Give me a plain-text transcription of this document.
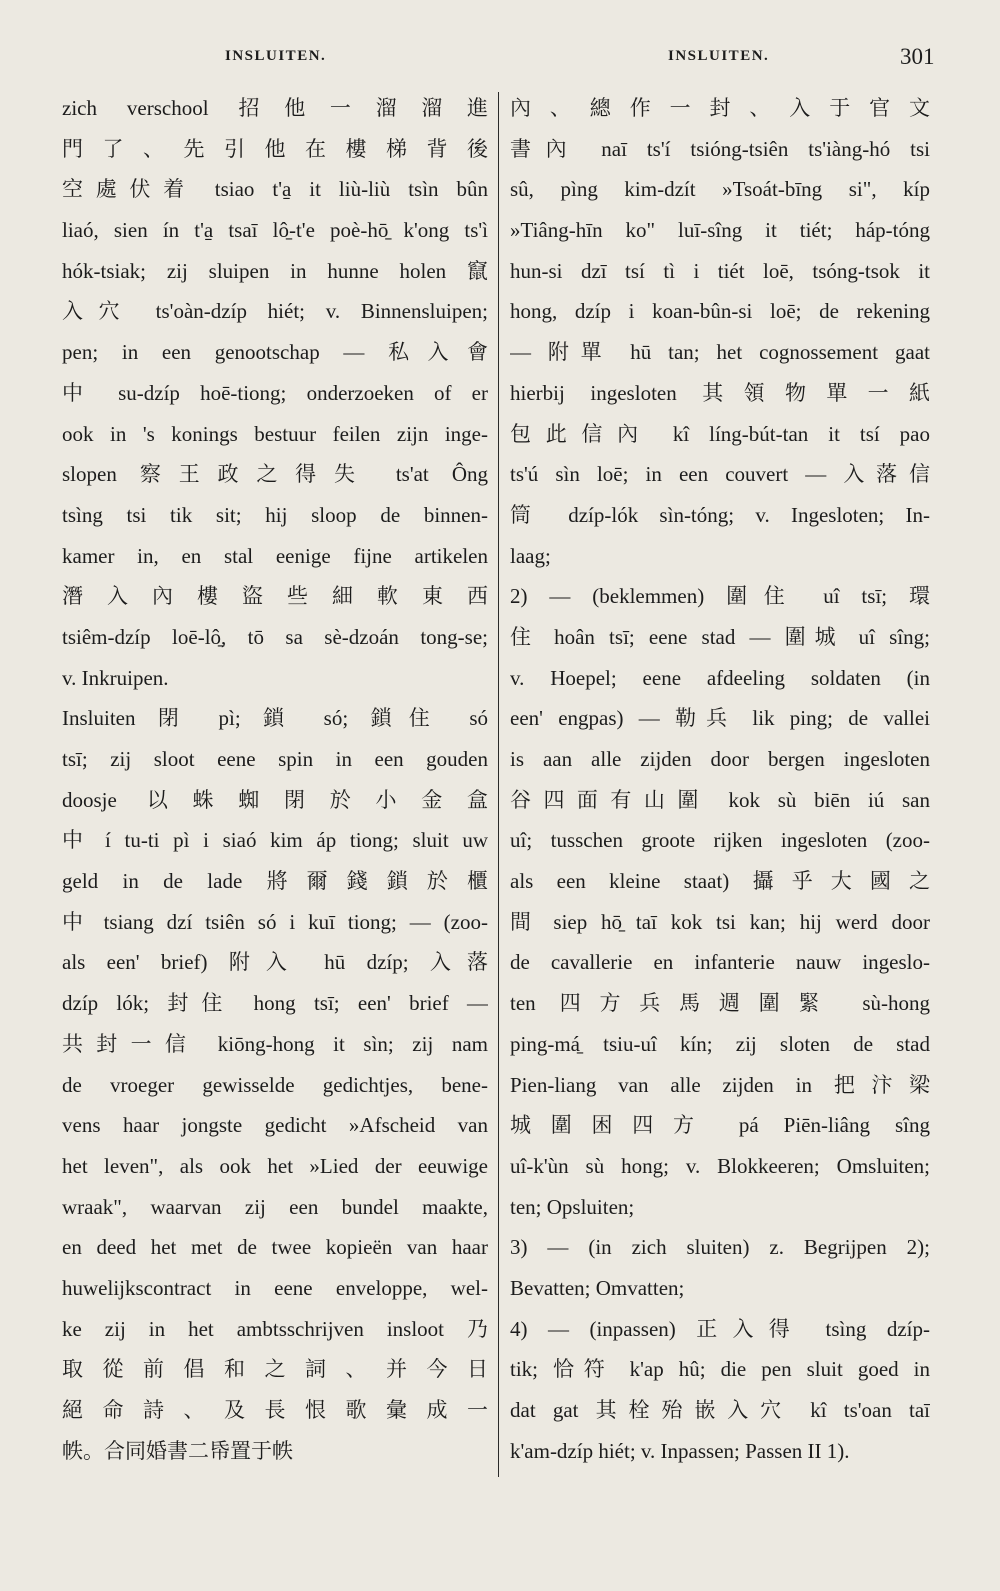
INSLUITEN.	INSLUITEN.	301
zich verschool 招他一溜溜進
門了、先引他在樓梯背後
空處伏着 tsiao t'a̱ it liù-liù tsìn bûn
liaó, sien ín t'a̱ tsaī lô̱-t'e poè-hō̱ k'ong ts'ì
hók-tsiak; zij sluipen in hunne holen 竄
入穴 ts'oàn-dzíp hiét; v. Binnensluipen;
pen; in een genootschap — 私入會
中 su-dzíp hoē-tiong; onderzoeken of er
ook in 's konings bestuur feilen zijn inge-
slopen 察王政之得失 ts'at Ông
tsìng tsi tik sit; hij sloop de binnen-
kamer in, en stal eenige fijne artikelen
潛入內樓盜些細軟東西
tsiêm-dzíp loē-lô̱, tō sa sè-dzoán tong-se;
v. Inkruipen.
Insluiten 閉 pì; 鎖 só; 鎖住 só
tsī; zij sloot eene spin in een gouden
doosje 以蛛蜘閉於小金盒
中 í tu-ti pì i siaó kim áp tiong; sluit uw
geld in de lade 將爾錢鎖於櫃
中 tsiang dzí tsiên só i kuī tiong; — (zoo-
als een' brief) 附入 hū dzíp; 入落
dzíp lók; 封住 hong tsī; een' brief —
共封一信 kiōng-hong it sìn; zij nam
de vroeger gewisselde gedichtjes, bene-
vens haar jongste gedicht »Afscheid van
het leven", als ook het »Lied der eeuwige
wraak", waarvan zij een bundel maakte,
en deed het met de twee kopieën van haar
huwelijkscontract in eene enveloppe, wel-
ke zij in het ambtsschrijven insloot 乃
取從前倡和之詞、并今日
絕命詩、及長恨歌彙成一
帙。合同婚書二帋置于帙
內、總作一封、入于官文
書內 naī ts'í tsióng-tsiên ts'iàng-hó tsi
sû, pìng kim-dzít »Tsoát-bīng si", kíp
»Tiâng-hīn ko" luī-sîng it tiét; háp-tóng
hun-si dzī tsí tì i tiét loē, tsóng-tsok it
hong, dzíp i koan-bûn-si loē; de rekening
— 附單 hū tan; het cognossement gaat
hierbij ingesloten 其領物單一紙
包此信內 kî líng-bút-tan it tsí pao
ts'ú sìn loē; in een couvert — 入落信
筒 dzíp-lók sìn-tóng; v. Ingesloten; In-
laag;
2) — (beklemmen) 圍住 uî tsī; 環
住 hoân tsī; eene stad — 圍城 uî sîng;
v. Hoepel; eene afdeeling soldaten (in
een' engpas) — 勒兵 lik ping; de vallei
is aan alle zijden door bergen ingesloten
谷四面有山圍 kok sù biēn iú san
uî; tusschen groote rijken ingesloten (zoo-
als een kleine staat) 攝乎大國之
間 siep hō̱ taī kok tsi kan; hij werd door
de cavallerie en infanterie nauw ingeslo-
ten 四方兵馬週圍緊 sù-hong
ping-má̱ tsiu-uî kín; zij sloten de stad
Pien-liang van alle zijden in 把汴梁
城圍困四方 pá Piēn-liâng sîng
uî-k'ùn sù hong; v. Blokkeeren; Omsluiten;
ten; Opsluiten;
3) — (in zich sluiten) z. Begrijpen 2);
Bevatten; Omvatten;
4) — (inpassen) 正入得 tsìng dzíp-
tik; 恰符 k'ap hû; die pen sluit goed in
dat gat 其栓殆嵌入穴 kî ts'oan taī
k'am-dzíp hiét; v. Inpassen; Passen II 1).
